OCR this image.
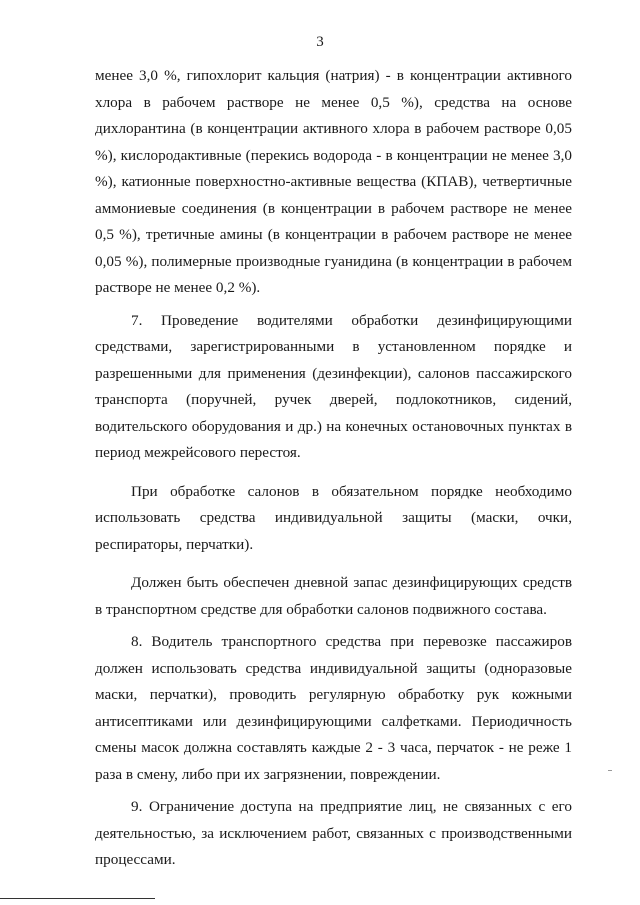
3

менее 3,0 %, гипохлорит кальция (натрия) - в концентрации активного хлора в рабочем растворе не менее 0,5 %), средства на основе дихлорантина (в концентрации активного хлора в рабочем растворе 0,05 %), кислородактивные (перекись водорода - в концентрации не менее 3,0 %), катионные поверхностно-активные вещества (КПАВ), четвертичные аммониевые соединения (в концентрации в рабочем растворе не менее 0,5 %), третичные амины (в концентрации в рабочем растворе не менее 0,05 %), полимерные производные гуанидина (в концентрации в рабочем растворе не менее 0,2 %).

7. Проведение водителями обработки дезинфицирующими средствами, зарегистрированными в установленном порядке и разрешенными для применения (дезинфекции), салонов пассажирского транспорта (поручней, ручек дверей, подлокотников, сидений, водительского оборудования и др.) на конечных остановочных пунктах в период межрейсового перестоя.

При обработке салонов в обязательном порядке необходимо использовать средства индивидуальной защиты (маски, очки, респираторы, перчатки).

Должен быть обеспечен дневной запас дезинфицирующих средств в транспортном средстве для обработки салонов подвижного состава.

8. Водитель транспортного средства при перевозке пассажиров должен использовать средства индивидуальной защиты (одноразовые маски, перчатки), проводить регулярную обработку рук кожными антисептиками или дезинфицирующими салфетками. Периодичность смены масок должна составлять каждые 2 - 3 часа, перчаток - не реже 1 раза в смену, либо при их загрязнении, повреждении.

9. Ограничение доступа на предприятие лиц, не связанных с его деятельностью, за исключением работ, связанных с производственными процессами.
